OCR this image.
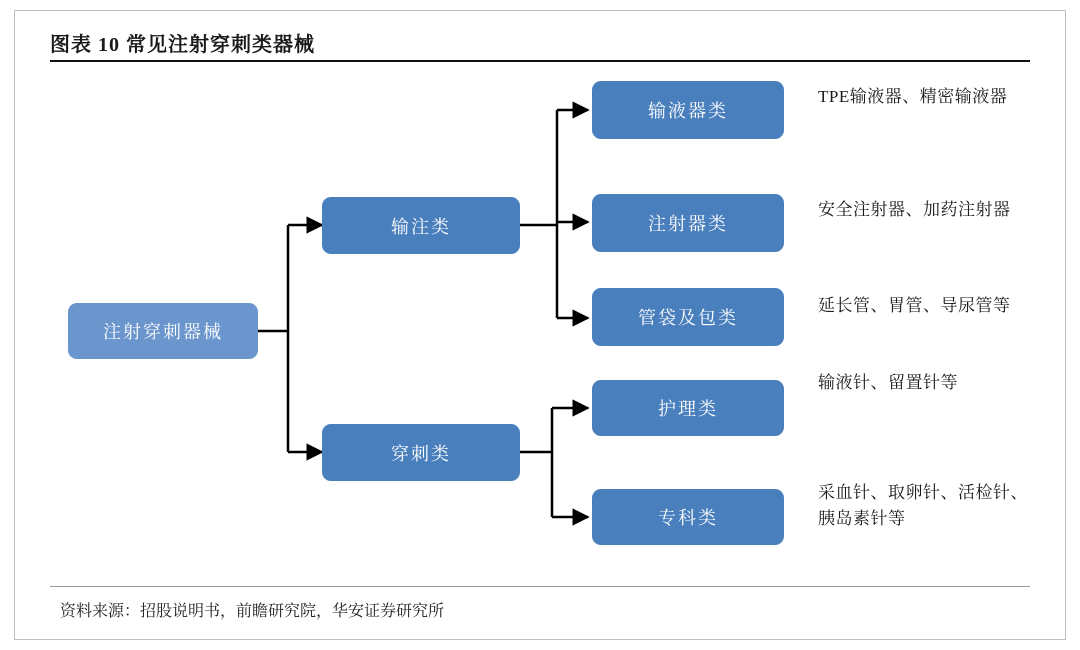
图表 10 常见注射穿刺类器械
注射穿刺器械
输注类
穿刺类
输液器类
注射器类
管袋及包类
护理类
专科类
TPE输液器、精密输液器
安全注射器、加药注射器
延长管、胃管、导尿管等
输液针、留置针等
采血针、取卵针、活检针、胰岛素针等
资料来源：招股说明书，前瞻研究院，华安证券研究所
